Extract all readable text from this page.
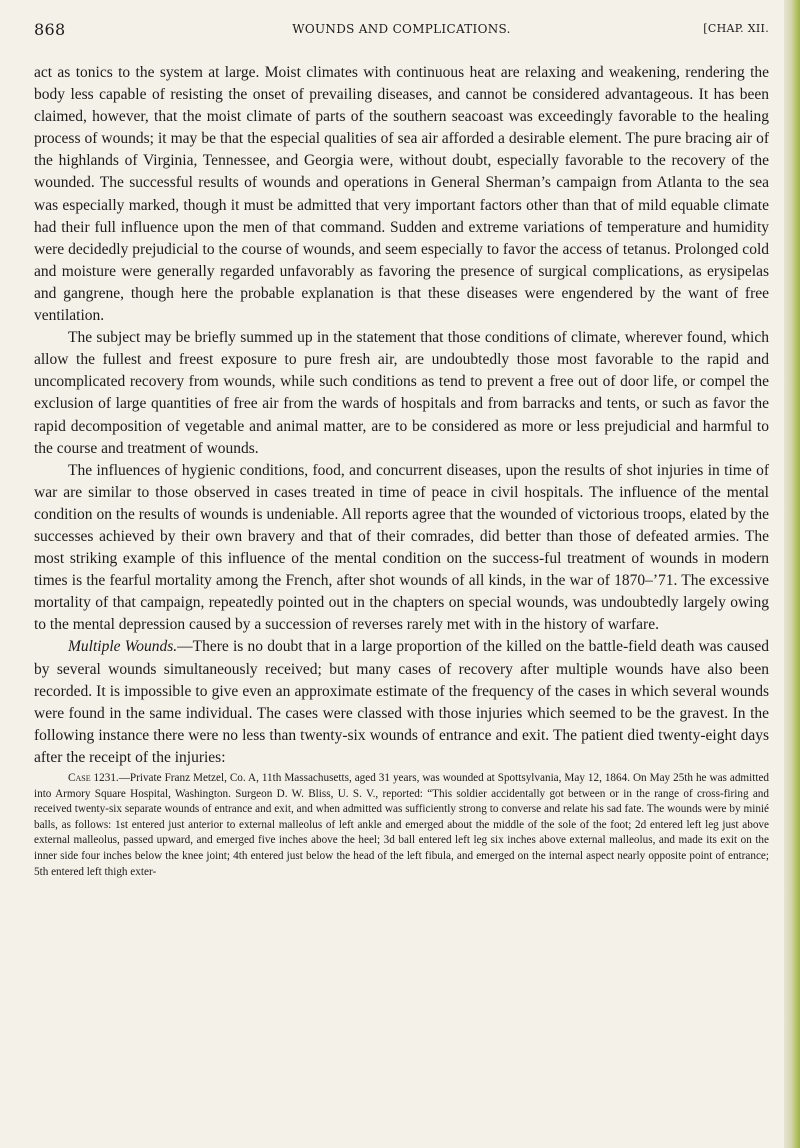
868	WOUNDS AND COMPLICATIONS.	[CHAP. XII.

act as tonics to the system at large. Moist climates with continuous heat are relaxing and weakening, rendering the body less capable of resisting the onset of prevailing diseases, and cannot be considered advantageous. It has been claimed, however, that the moist climate of parts of the southern seacoast was exceedingly favorable to the healing process of wounds; it may be that the especial qualities of sea air afforded a desirable element. The pure bracing air of the highlands of Virginia, Tennessee, and Georgia were, without doubt, especially favorable to the recovery of the wounded. The successful results of wounds and operations in General Sherman’s campaign from Atlanta to the sea was especially marked, though it must be admitted that very important factors other than that of mild equable climate had their full influence upon the men of that command. Sudden and extreme variations of temperature and humidity were decidedly prejudicial to the course of wounds, and seem especially to favor the access of tetanus. Prolonged cold and moisture were generally regarded unfavorably as favoring the presence of surgical complications, as erysipelas and gangrene, though here the probable explanation is that these diseases were engendered by the want of free ventilation.

The subject may be briefly summed up in the statement that those conditions of climate, wherever found, which allow the fullest and freest exposure to pure fresh air, are undoubtedly those most favorable to the rapid and uncomplicated recovery from wounds, while such conditions as tend to prevent a free out of door life, or compel the exclusion of large quantities of free air from the wards of hospitals and from barracks and tents, or such as favor the rapid decomposition of vegetable and animal matter, are to be considered as more or less prejudicial and harmful to the course and treatment of wounds.

The influences of hygienic conditions, food, and concurrent diseases, upon the results of shot injuries in time of war are similar to those observed in cases treated in time of peace in civil hospitals. The influence of the mental condition on the results of wounds is undeniable. All reports agree that the wounded of victorious troops, elated by the successes achieved by their own bravery and that of their comrades, did better than those of defeated armies. The most striking example of this influence of the mental condition on the success-ful treatment of wounds in modern times is the fearful mortality among the French, after shot wounds of all kinds, in the war of 1870–’71. The excessive mortality of that campaign, repeatedly pointed out in the chapters on special wounds, was undoubtedly largely owing to the mental depression caused by a succession of reverses rarely met with in the history of warfare.

Multiple Wounds.—There is no doubt that in a large proportion of the killed on the battle-field death was caused by several wounds simultaneously received; but many cases of recovery after multiple wounds have also been recorded. It is impossible to give even an approximate estimate of the frequency of the cases in which several wounds were found in the same individual. The cases were classed with those injuries which seemed to be the gravest. In the following instance there were no less than twenty-six wounds of entrance and exit. The patient died twenty-eight days after the receipt of the injuries:

Case 1231.—Private Franz Metzel, Co. A, 11th Massachusetts, aged 31 years, was wounded at Spottsylvania, May 12, 1864. On May 25th he was admitted into Armory Square Hospital, Washington. Surgeon D. W. Bliss, U. S. V., reported: “This soldier accidentally got between or in the range of cross-firing and received twenty-six separate wounds of entrance and exit, and when admitted was sufficiently strong to converse and relate his sad fate. The wounds were by minié balls, as follows: 1st entered just anterior to external malleolus of left ankle and emerged about the middle of the sole of the foot; 2d entered left leg just above external malleolus, passed upward, and emerged five inches above the heel; 3d ball entered left leg six inches above external malleolus, and made its exit on the inner side four inches below the knee joint; 4th entered just below the head of the left fibula, and emerged on the internal aspect nearly opposite point of entrance; 5th entered left thigh exter-
